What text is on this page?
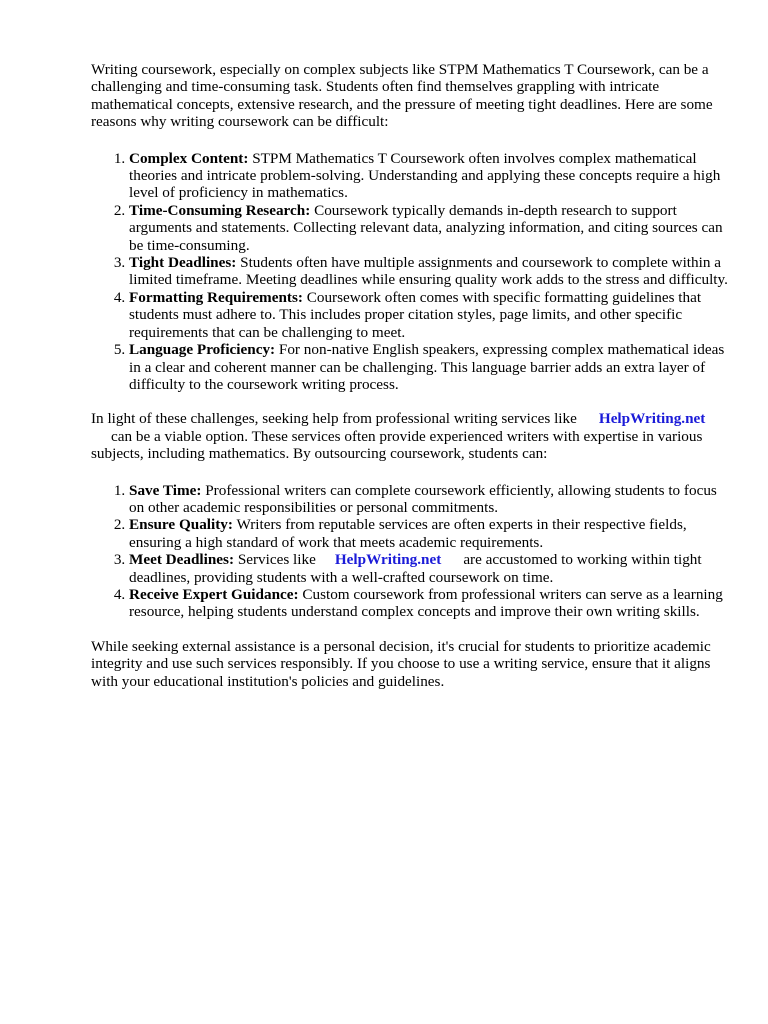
Writing coursework, especially on complex subjects like STPM Mathematics T Coursework, can be a challenging and time-consuming task. Students often find themselves grappling with intricate mathematical concepts, extensive research, and the pressure of meeting tight deadlines. Here are some reasons why writing coursework can be difficult:

1. Complex Content: STPM Mathematics T Coursework often involves complex mathematical theories and intricate problem-solving. Understanding and applying these concepts require a high level of proficiency in mathematics.
2. Time-Consuming Research: Coursework typically demands in-depth research to support arguments and statements. Collecting relevant data, analyzing information, and citing sources can be time-consuming.
3. Tight Deadlines: Students often have multiple assignments and coursework to complete within a limited timeframe. Meeting deadlines while ensuring quality work adds to the stress and difficulty.
4. Formatting Requirements: Coursework often comes with specific formatting guidelines that students must adhere to. This includes proper citation styles, page limits, and other specific requirements that can be challenging to meet.
5. Language Proficiency: For non-native English speakers, expressing complex mathematical ideas in a clear and coherent manner can be challenging. This language barrier adds an extra layer of difficulty to the coursework writing process.

In light of these challenges, seeking help from professional writing services like HelpWriting.net
can be a viable option. These services often provide experienced writers with expertise in various subjects, including mathematics. By outsourcing coursework, students can:

1. Save Time: Professional writers can complete coursework efficiently, allowing students to focus on other academic responsibilities or personal commitments.
2. Ensure Quality: Writers from reputable services are often experts in their respective fields, ensuring a high standard of work that meets academic requirements.
3. Meet Deadlines: Services like HelpWriting.net are accustomed to working within tight deadlines, providing students with a well-crafted coursework on time.
4. Receive Expert Guidance: Custom coursework from professional writers can serve as a learning resource, helping students understand complex concepts and improve their own writing skills.

While seeking external assistance is a personal decision, it's crucial for students to prioritize academic integrity and use such services responsibly. If you choose to use a writing service, ensure that it aligns with your educational institution's policies and guidelines.
